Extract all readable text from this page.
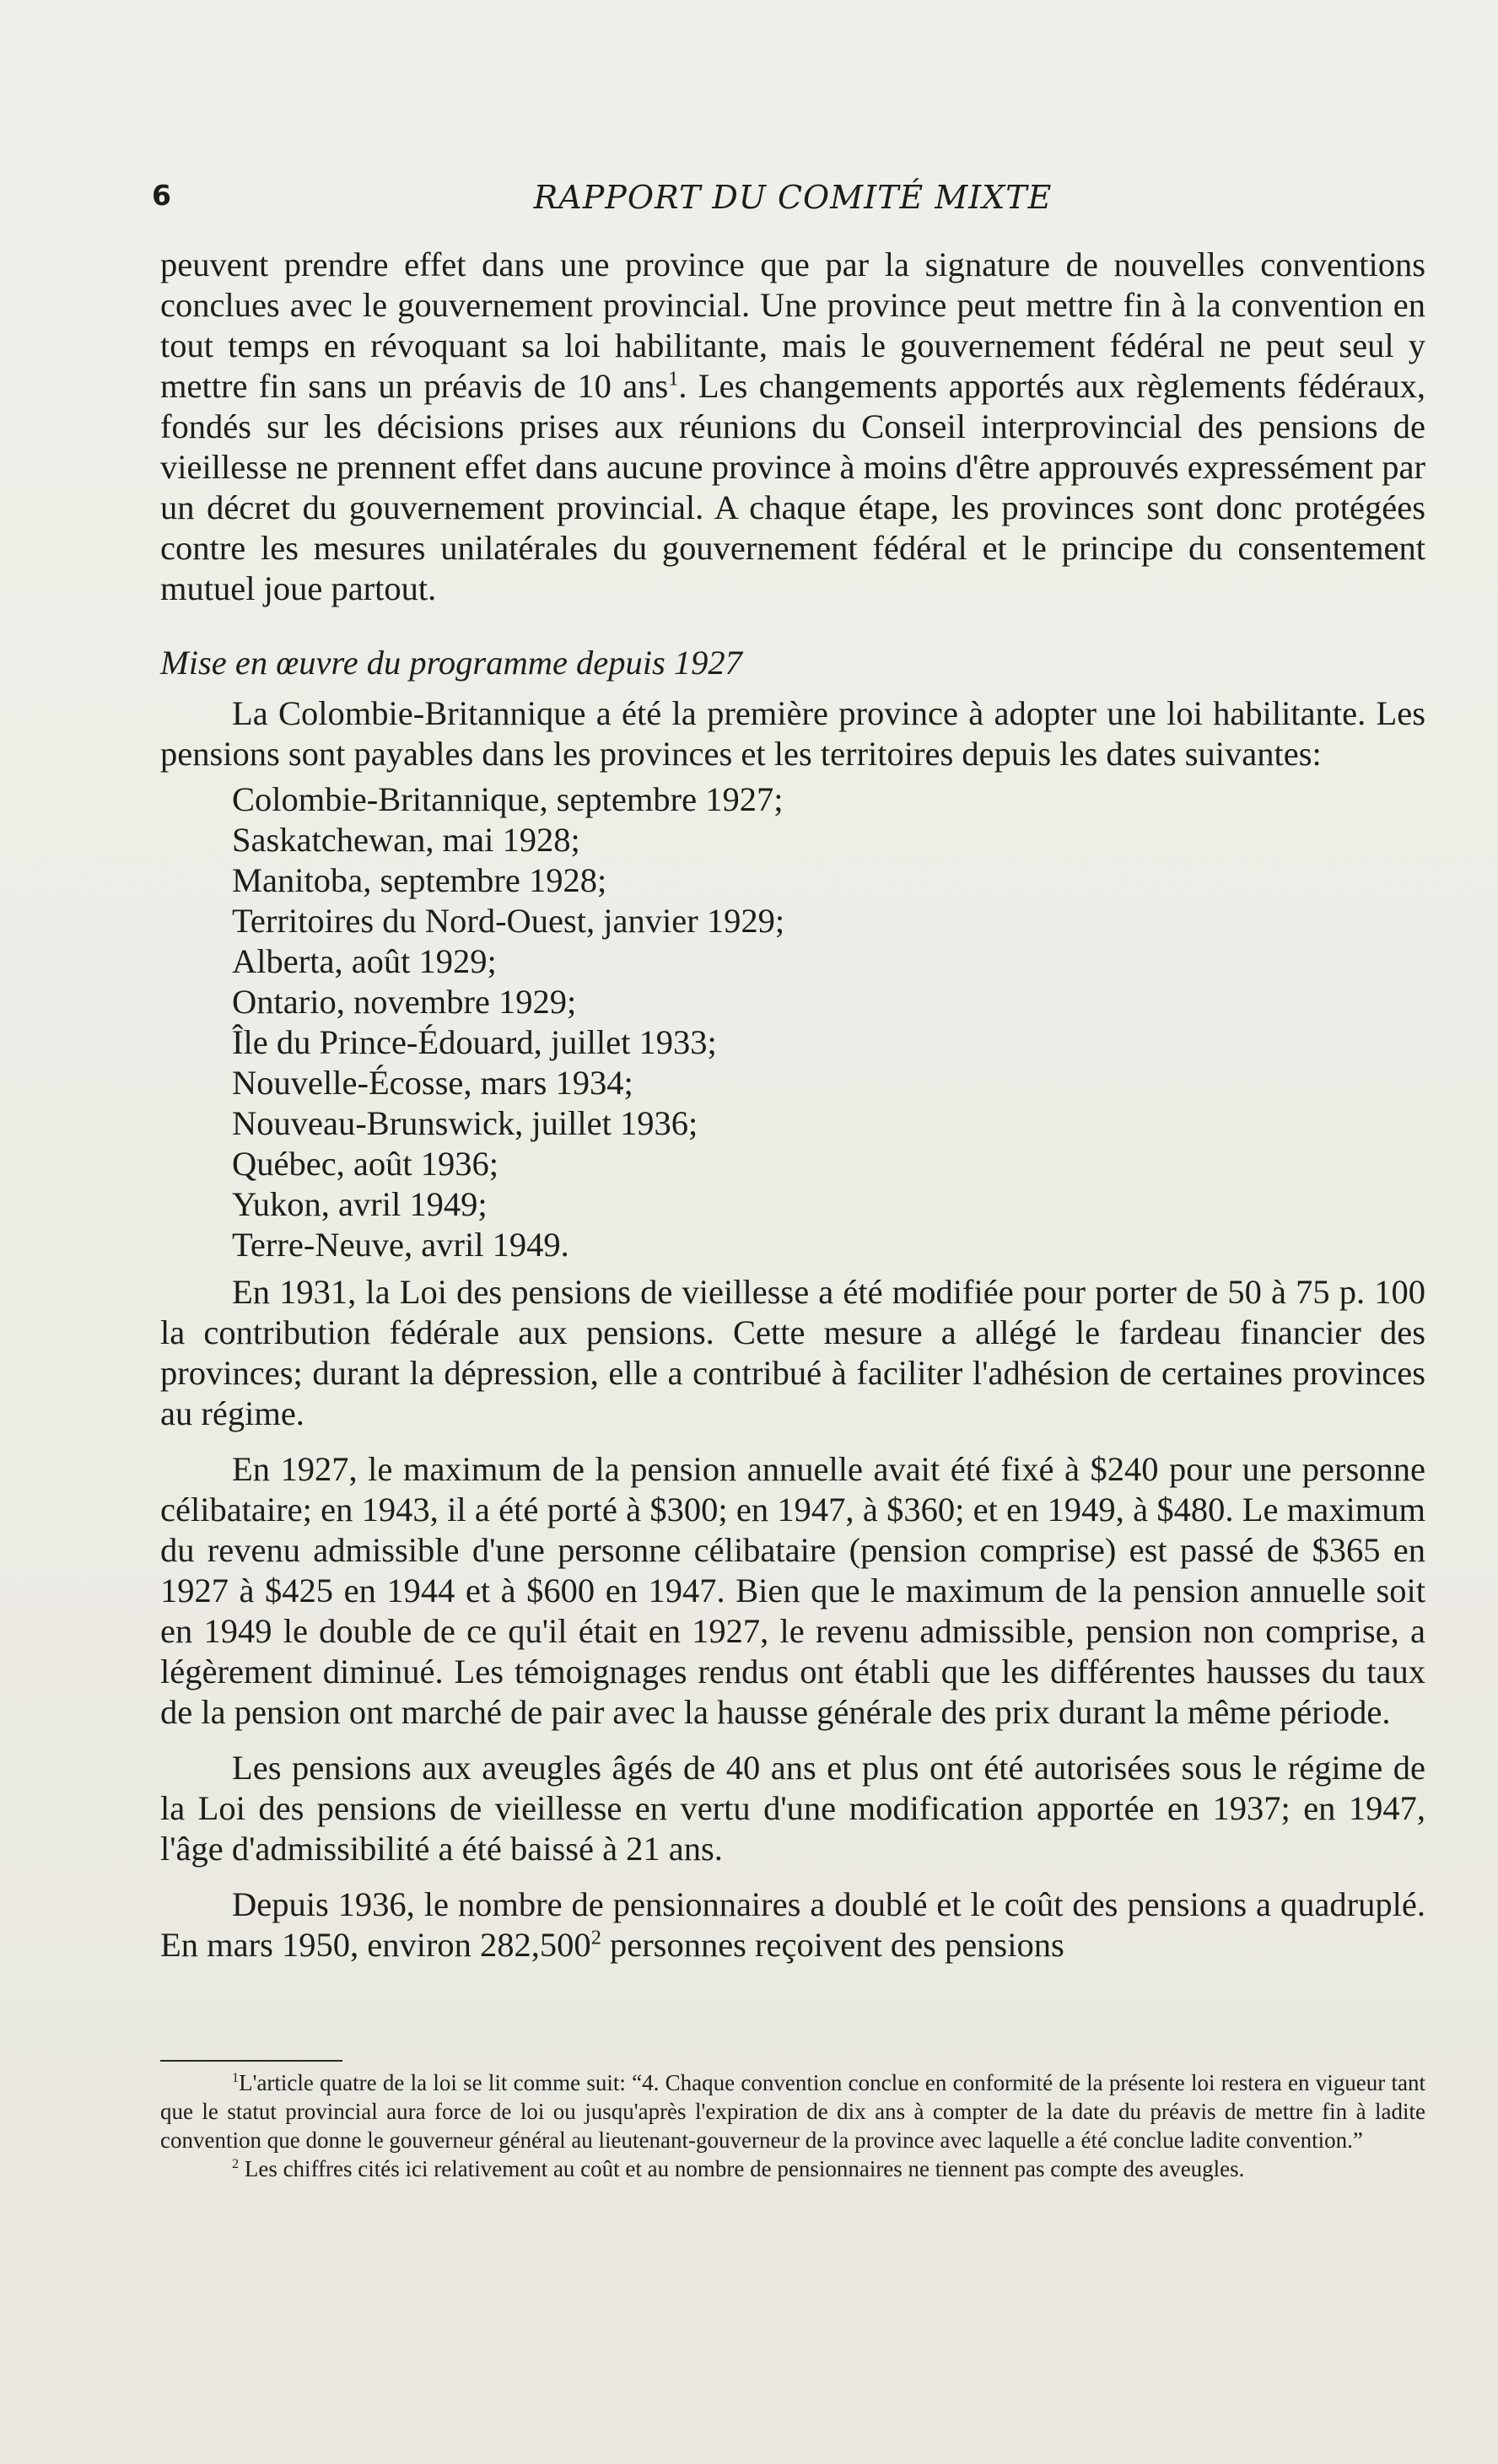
6	RAPPORT DU COMITÉ MIXTE

peuvent prendre effet dans une province que par la signature de nouvelles conventions conclues avec le gouvernement provincial. Une province peut mettre fin à la convention en tout temps en révoquant sa loi habilitante, mais le gouvernement fédéral ne peut seul y mettre fin sans un préavis de 10 ans$^1$. Les changements apportés aux règlements fédéraux, fondés sur les décisions prises aux réunions du Conseil interprovincial des pensions de vieillesse ne prennent effet dans aucune province à moins d'être approuvés expressément par un décret du gouvernement provincial. A chaque étape, les provinces sont donc protégées contre les mesures unilatérales du gouvernement fédéral et le principe du consentement mutuel joue partout.

Mise en œuvre du programme depuis 1927

La Colombie-Britannique a été la première province à adopter une loi habilitante. Les pensions sont payables dans les provinces et les territoires depuis les dates suivantes:

Colombie-Britannique, septembre 1927;
Saskatchewan, mai 1928;
Manitoba, septembre 1928;
Territoires du Nord-Ouest, janvier 1929;
Alberta, août 1929;
Ontario, novembre 1929;
Île du Prince-Édouard, juillet 1933;
Nouvelle-Écosse, mars 1934;
Nouveau-Brunswick, juillet 1936;
Québec, août 1936;
Yukon, avril 1949;
Terre-Neuve, avril 1949.

En 1931, la Loi des pensions de vieillesse a été modifiée pour porter de 50 à 75 p. 100 la contribution fédérale aux pensions. Cette mesure a allégé le fardeau financier des provinces; durant la dépression, elle a contribué à faciliter l'adhésion de certaines provinces au régime.

En 1927, le maximum de la pension annuelle avait été fixé à $240 pour une personne célibataire; en 1943, il a été porté à $300; en 1947, à $360; et en 1949, à $480. Le maximum du revenu admissible d'une personne célibataire (pension comprise) est passé de $365 en 1927 à $425 en 1944 et à $600 en 1947. Bien que le maximum de la pension annuelle soit en 1949 le double de ce qu'il était en 1927, le revenu admissible, pension non comprise, a légèrement diminué. Les témoignages rendus ont établi que les différentes hausses du taux de la pension ont marché de pair avec la hausse générale des prix durant la même période.

Les pensions aux aveugles âgés de 40 ans et plus ont été autorisées sous le régime de la Loi des pensions de vieillesse en vertu d'une modification apportée en 1937; en 1947, l'âge d'admissibilité a été baissé à 21 ans.

Depuis 1936, le nombre de pensionnaires a doublé et le coût des pensions a quadruplé. En mars 1950, environ 282,500$^2$ personnes reçoivent des pensions

$^1$L'article quatre de la loi se lit comme suit: “4. Chaque convention conclue en conformité de la présente loi restera en vigueur tant que le statut provincial aura force de loi ou jusqu'après l'expiration de dix ans à compter de la date du préavis de mettre fin à ladite convention que donne le gouverneur général au lieutenant-gouverneur de la province avec laquelle a été conclue ladite convention.”

$^2$ Les chiffres cités ici relativement au coût et au nombre de pensionnaires ne tiennent pas compte des aveugles.
